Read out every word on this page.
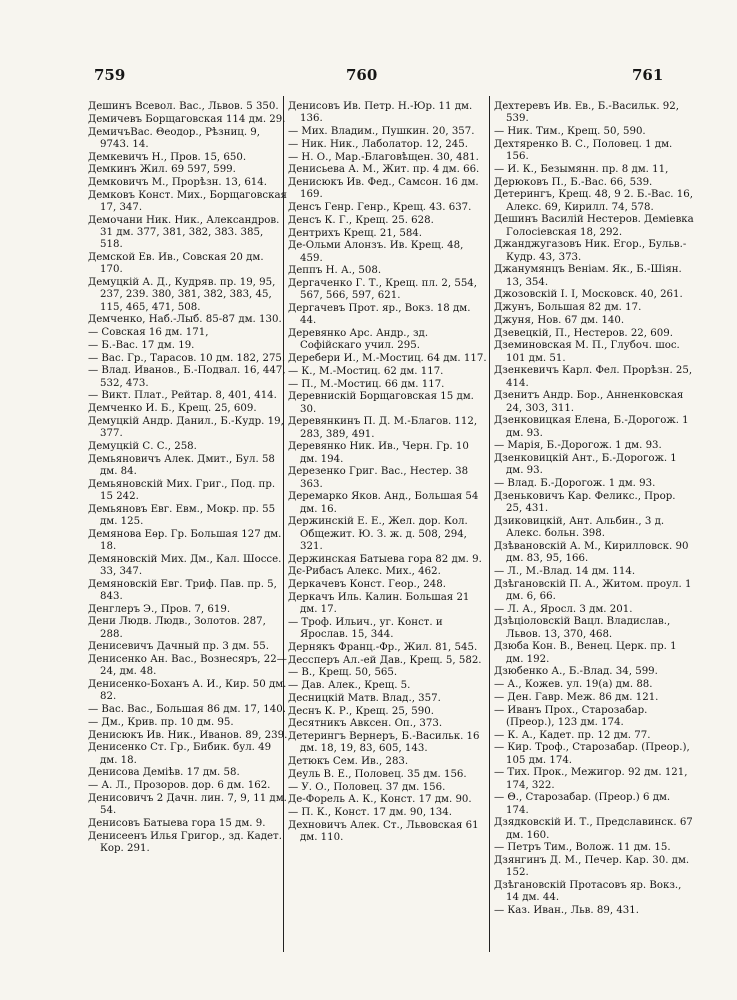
759	760	761
Дешинъ Всевол. Вас., Львов. 5 350.
Демичевъ Борщаговская 114 дм. 29.
ДемичъВас. Θеодор., Рѣзниц. 9, 9743. 14.
Демкевичъ Н., Пров. 15, 650.
Демкинъ Жил. 69 597, 599.
Демковичъ М., Прорѣзн. 13, 614.
Демковъ Конст. Мих., Борщаговская 17, 347.
Демочани Ник. Ник., Александров. 31 дм. 377, 381, 382, 383. 385, 518.
Демской Ев. Ив., Совская 20 дм. 170.
Демуцкій А. Д., Кудряв. пр. 19, 95, 237, 239. 380, 381, 382, 383, 45, 115, 465, 471, 508.
Демченко, Наб.-Лыб. 85-87 дм. 130.
— Совская 16 дм. 171,
— Б.-Вас. 17 дм. 19.
— Вас. Гр., Тарасов. 10 дм. 182, 275.
— Влад. Иванов., Б.-Подвал. 16, 447, 532, 473.
— Викт. Плат., Рейтар. 8, 401, 414.
Демченко И. Б., Крещ. 25, 609.
Демуцкій Андр. Данил., Б.-Кудр. 19, 377.
Демуцкій С. С., 258.
Демьяновичъ Алек. Дмит., Бул. 58 дм. 84.
Демьяновскій Мих. Григ., Под. пр. 15 242.
Демьяновъ Евг. Евм., Мокр. пр. 55 дм. 125.
Демянова Еѳр. Гр. Большая 127 дм. 18.
Демяновскій Мих. Дм., Кал. Шоссе. 33, 347.
Демяновскій Евг. Триф. Пав. пр. 5, 843.
Денглеръ Э., Пров. 7, 619.
Дени Людв. Людв., Золотов. 287, 288.
Денисевичъ Дачный пр. 3 дм. 55.
Денисенко Ан. Вас., Вознесяръ, 22—24, дм. 48.
Денисенко-Боханъ А. И., Кир. 50 дм. 82.
— Вас. Вас., Большая 86 дм. 17, 140.
— Дм., Крив. пр. 10 дм. 95.
Денисюкъ Ив. Ник., Иванов. 89, 239.
Денисенко Ст. Гр., Бибик. бул. 49 дм. 18.
Денисова Деміѣв. 17 дм. 58.
— А. Л., Прозоров. дор. 6 дм. 162.
Денисовичъ 2 Дачн. лин. 7, 9, 11 дм. 54.
Денисовъ Батыева гора 15 дм. 9.
Денисеенъ Илья Григор., зд. Кадет. Кор. 291.
Денисовъ Ив. Петр. Н.-Юр. 11 дм. 136.
— Мих. Владим., Пушкин. 20, 357.
— Ник. Ник., Лаболатор. 12, 245.
— Н. О., Мар.-Благовѣщен. 30, 481.
Денисьева А. М., Жит. пр. 4 дм. 66.
Денисюкъ Ив. Фед., Самсон. 16 дм. 169.
Денсъ Генр. Генр., Крещ. 43. 637.
Денсъ К. Г., Крещ. 25. 628.
Дентрихъ Крещ. 21, 584.
Де-Ольми Алонзъ. Ив. Крещ. 48, 459.
Деппъ Н. А., 508.
Дергаченко Г. Т., Крещ. пл. 2, 554, 567, 566, 597, 621.
Дергачевъ Прот. яр., Вокз. 18 дм. 44.
Деревянко Арс. Андр., зд. Софійскаго учил. 295.
Деребери И., М.-Мостиц. 64 дм. 117.
— К., М.-Мостиц. 62 дм. 117.
— П., М.-Мостиц. 66 дм. 117.
Деревнискій Борщаговская 15 дм. 30.
Деревянкинъ П. Д. М.-Благов. 112, 283, 389, 491.
Деревянко Ник. Ив., Черн. Гр. 10 дм. 194.
Дерезенко Григ. Вас., Нестер. 38 363.
Деремарко Яков. Анд., Большая 54 дм. 16.
Держинскій Е. Е., Жел. дор. Кол. Общежит. Ю. З. ж. д. 508, 294, 321.
Держинская Батыева гора 82 дм. 9.
Дє-Рибасъ Алекс. Мих., 462.
Деркачевъ Конст. Геор., 248.
Деркачъ Иль. Калин. Большая 21 дм. 17.
— Троф. Ильич., уг. Конст. и Ярослав. 15, 344.
Дернякъ Франц.-Фр., Жил. 81, 545.
Дессперъ Ал.-ей Дав., Крещ. 5, 582.
— В., Крещ. 50, 565.
— Дав. Алек., Крещ. 5.
Десницкій Матв. Влад., 357.
Деснъ К. Р., Крещ. 25, 590.
Десятникъ Авксен. Оп., 373.
Детерингъ Вернеръ, Б.-Васильк. 16 дм. 18, 19, 83, 605, 143.
Детюкъ Сем. Ив., 283.
Деуль В. Е., Половец. 35 дм. 156.
— У. О., Половец. 37 дм. 156.
Де-Форель А. К., Конст. 17 дм. 90.
— П. К., Конст. 17 дм. 90, 134.
Дехновичъ Алек. Ст., Львовская 61 дм. 110.
Дехтеревъ Ив. Ев., Б.-Васильк. 92, 539.
— Ник. Тим., Крещ. 50, 590.
Дехтяренко В. С., Половец. 1 дм. 156.
— И. К., Безымянн. пр. 8 дм. 11,
Дерюковъ П., Б.-Вас. 66, 539.
Детерингъ, Крещ. 48, 9 2. Б.-Вас. 16, Алекс. 69, Кирилл. 74, 578.
Дешинъ Василій Нестеров. Деміевка Голосіевская 18, 292.
Джанджугазовъ Ник. Егор., Бульв.-Кудр. 43, 373.
Джанумянцъ Веніам. Як., Б.-Шіян. 13, 354.
Джозовскій І. І, Московск. 40, 261.
Джунъ, Большая 82 дм. 17.
Джуня, Нов. 67 дм. 140.
Дзевецкій, П., Нестеров. 22, 609.
Дземиновская М. П., Глубоч. шос. 101 дм. 51.
Дзенкевичъ Карл. Фел. Прорѣзн. 25, 414.
Дзенитъ Андр. Бор., Анненковская 24, 303, 311.
Дзенковицкая Елена, Б.-Дорогож. 1 дм. 93.
— Марія, Б.-Дорогож. 1 дм. 93.
Дзенковицкій Ант., Б.-Дорогож. 1 дм. 93.
— Влад. Б.-Дорогож. 1 дм. 93.
Дзеньковичъ Кар. Феликс., Прор. 25, 431.
Дзиковицкій, Ант. Альбин., 3 д. Алекс. больн. 398.
Дзѣвановскій А. М., Кирилловск. 90 дм. 83, 95, 166.
— Л., М.-Влад. 14 дм. 114.
Дзѣгановскій П. А., Житом. проул. 1 дм. 6, 66.
— Л. А., Яросл. 3 дм. 201.
Дзѣціоловскій Вацл. Владислав., Львов. 13, 370, 468.
Дзюба Кон. В., Венец. Церк. пр. 1 дм. 192.
Дзюбенко А., Б.-Влад. 34, 599.
— А., Кожев. ул. 19(а) дм. 88.
— Ден. Гавр. Меж. 86 дм. 121.
— Иванъ Прох., Старозабар. (Преор.), 123 дм. 174.
— К. А., Кадет. пр. 12 дм. 77.
— Кир. Троф., Старозабар. (Преор.), 105 дм. 174.
— Тих. Прок., Межигор. 92 дм. 121, 174, 322.
— Θ., Старозабар. (Преор.) 6 дм. 174.
Дзядковскій И. Т., Предславинск. 67 дм. 160.
— Петръ Тим., Волож. 11 дм. 15.
Дзянгинъ Д. М., Печер. Кар. 30. дм. 152.
Дзѣгановскій Протасовъ яр. Вокз., 14 дм. 44.
— Каз. Иван., Льв. 89, 431.
